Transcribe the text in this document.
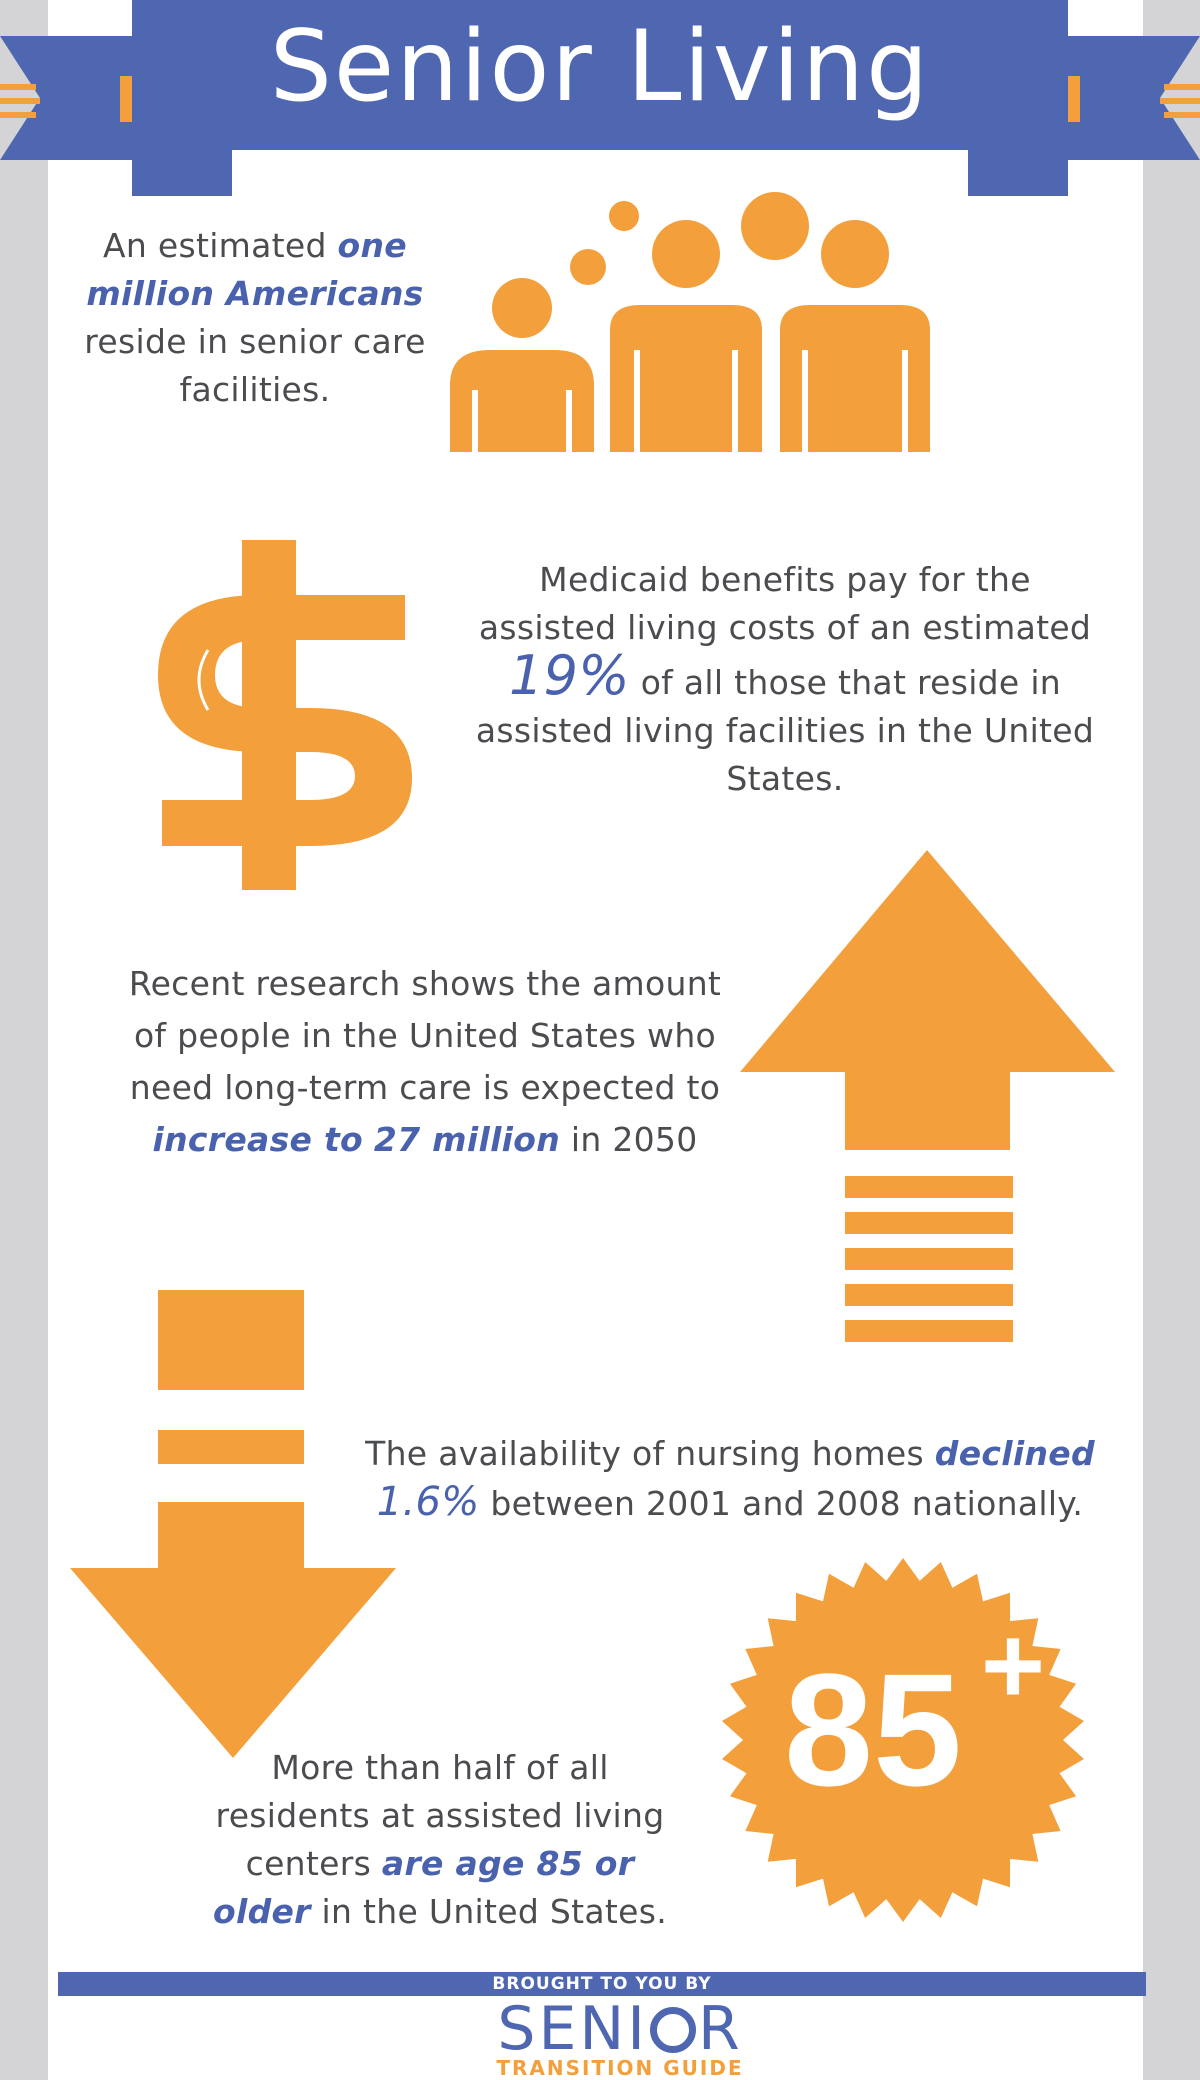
Senior Living
An estimated one million Americans reside in senior care facilities.
Medicaid benefits pay for the assisted living costs of an estimated 19% of all those that reside in assisted living facilities in the United States.
Recent research shows the amount of people in the United States who need long-term care is expected to increase to 27 million in 2050
The availability of nursing homes declined 1.6% between 2001 and 2008 nationally.
More than half of all residents at assisted living centers are age 85 or older in the United States.
85 +
BROUGHT TO YOU BY
SENI R
TRANSITION GUIDE
